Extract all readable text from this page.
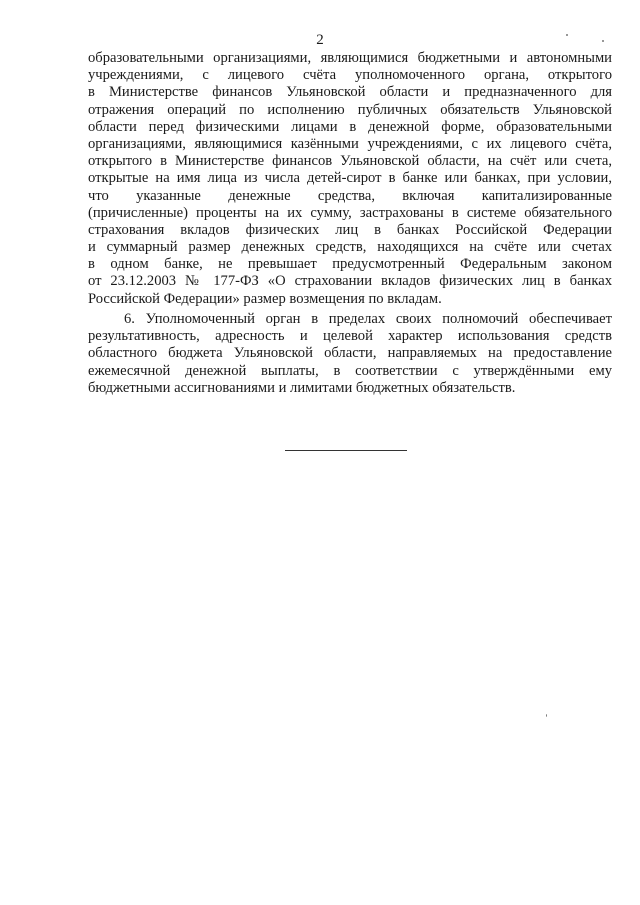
2
образовательными организациями, являющимися бюджетными и автономными
учреждениями, с лицевого счёта уполномоченного органа, открытого
в Министерстве финансов Ульяновской области и предназначенного для
отражения операций по исполнению публичных обязательств Ульяновской
области перед физическими лицами в денежной форме, образовательными
организациями, являющимися казёнными учреждениями, с их лицевого счёта,
открытого в Министерстве финансов Ульяновской области, на счёт или счета,
открытые на имя лица из числа детей-сирот в банке или банках, при условии,
что указанные денежные средства, включая капитализированные
(причисленные) проценты на их сумму, застрахованы в системе обязательного
страхования вкладов физических лиц в банках Российской Федерации
и суммарный размер денежных средств, находящихся на счёте или счетах
в одном банке, не превышает предусмотренный Федеральным законом
от 23.12.2003 № 177-ФЗ «О страховании вкладов физических лиц в банках
Российской Федерации» размер возмещения по вкладам.
6. Уполномоченный орган в пределах своих полномочий обеспечивает
результативность, адресность и целевой характер использования средств
областного бюджета Ульяновской области, направляемых на предоставление
ежемесячной денежной выплаты, в соответствии с утверждёнными ему
бюджетными ассигнованиями и лимитами бюджетных обязательств.
